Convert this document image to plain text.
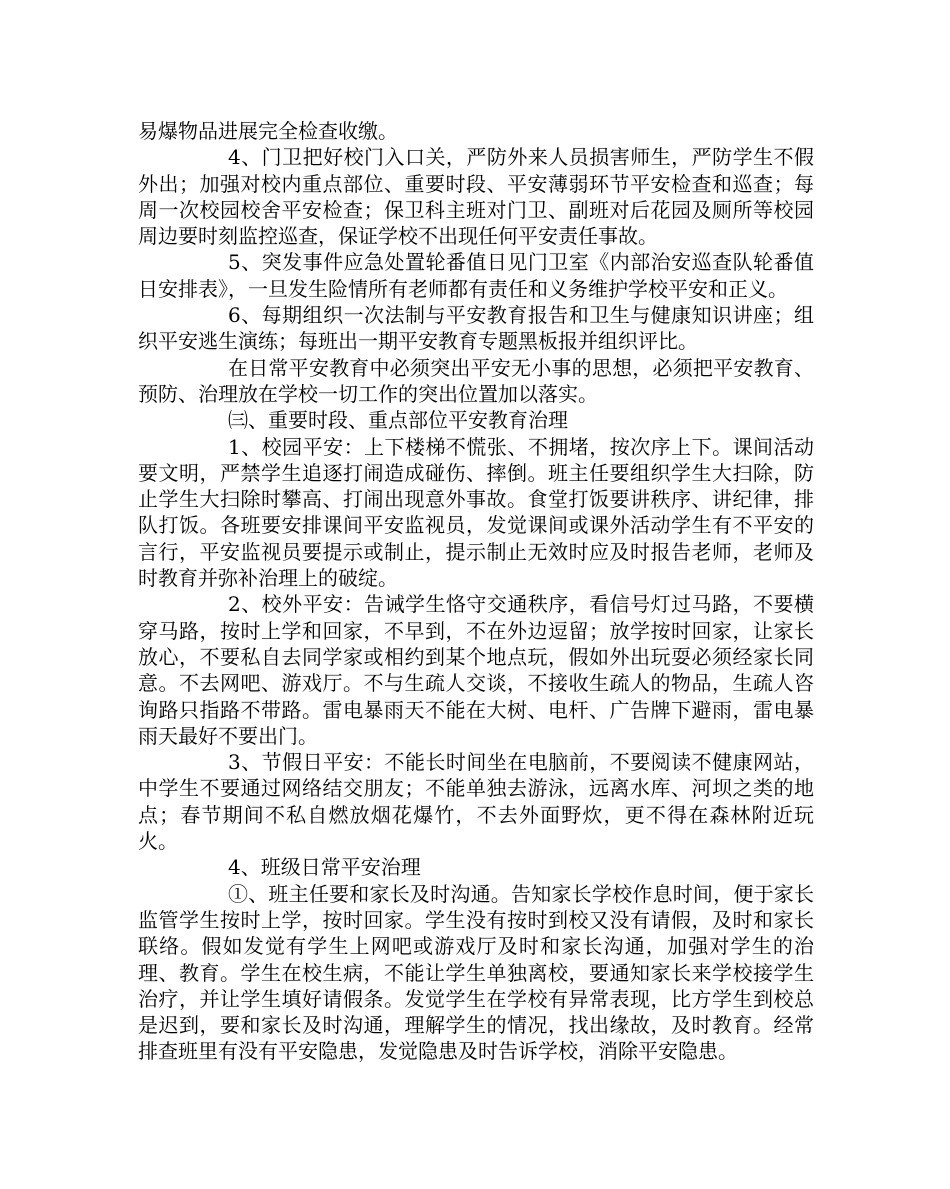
易爆物品进展完全检查收缴。

4、门卫把好校门入口关，严防外来人员损害师生，严防学生不假外出；加强对校内重点部位、重要时段、平安薄弱环节平安检查和巡查；每周一次校园校舍平安检查；保卫科主班对门卫、副班对后花园及厕所等校园周边要时刻监控巡查，保证学校不出现任何平安责任事故。

5、突发事件应急处置轮番值日见门卫室《内部治安巡查队轮番值日安排表》，一旦发生险情所有老师都有责任和义务维护学校平安和正义。

6、每期组织一次法制与平安教育报告和卫生与健康知识讲座；组织平安逃生演练；每班出一期平安教育专题黑板报并组织评比。

在日常平安教育中必须突出平安无小事的思想，必须把平安教育、预防、治理放在学校一切工作的突出位置加以落实。

㈢、重要时段、重点部位平安教育治理

1、校园平安：上下楼梯不慌张、不拥堵，按次序上下。课间活动要文明，严禁学生追逐打闹造成碰伤、摔倒。班主任要组织学生大扫除，防止学生大扫除时攀高、打闹出现意外事故。食堂打饭要讲秩序、讲纪律，排队打饭。各班要安排课间平安监视员，发觉课间或课外活动学生有不平安的言行，平安监视员要提示或制止，提示制止无效时应及时报告老师，老师及时教育并弥补治理上的破绽。

2、校外平安：告诫学生恪守交通秩序，看信号灯过马路，不要横穿马路，按时上学和回家，不早到，不在外边逗留；放学按时回家，让家长放心，不要私自去同学家或相约到某个地点玩，假如外出玩耍必须经家长同意。不去网吧、游戏厅。不与生疏人交谈，不接收生疏人的物品，生疏人咨询路只指路不带路。雷电暴雨天不能在大树、电杆、广告牌下避雨，雷电暴雨天最好不要出门。

3、节假日平安：不能长时间坐在电脑前，不要阅读不健康网站，中学生不要通过网络结交朋友；不能单独去游泳，远离水库、河坝之类的地点；春节期间不私自燃放烟花爆竹，不去外面野炊，更不得在森林附近玩火。

4、班级日常平安治理

①、班主任要和家长及时沟通。告知家长学校作息时间，便于家长监管学生按时上学，按时回家。学生没有按时到校又没有请假，及时和家长联络。假如发觉有学生上网吧或游戏厅及时和家长沟通，加强对学生的治理、教育。学生在校生病，不能让学生单独离校，要通知家长来学校接学生治疗，并让学生填好请假条。发觉学生在学校有异常表现，比方学生到校总是迟到，要和家长及时沟通，理解学生的情况，找出缘故，及时教育。经常排查班里有没有平安隐患，发觉隐患及时告诉学校，消除平安隐患。
